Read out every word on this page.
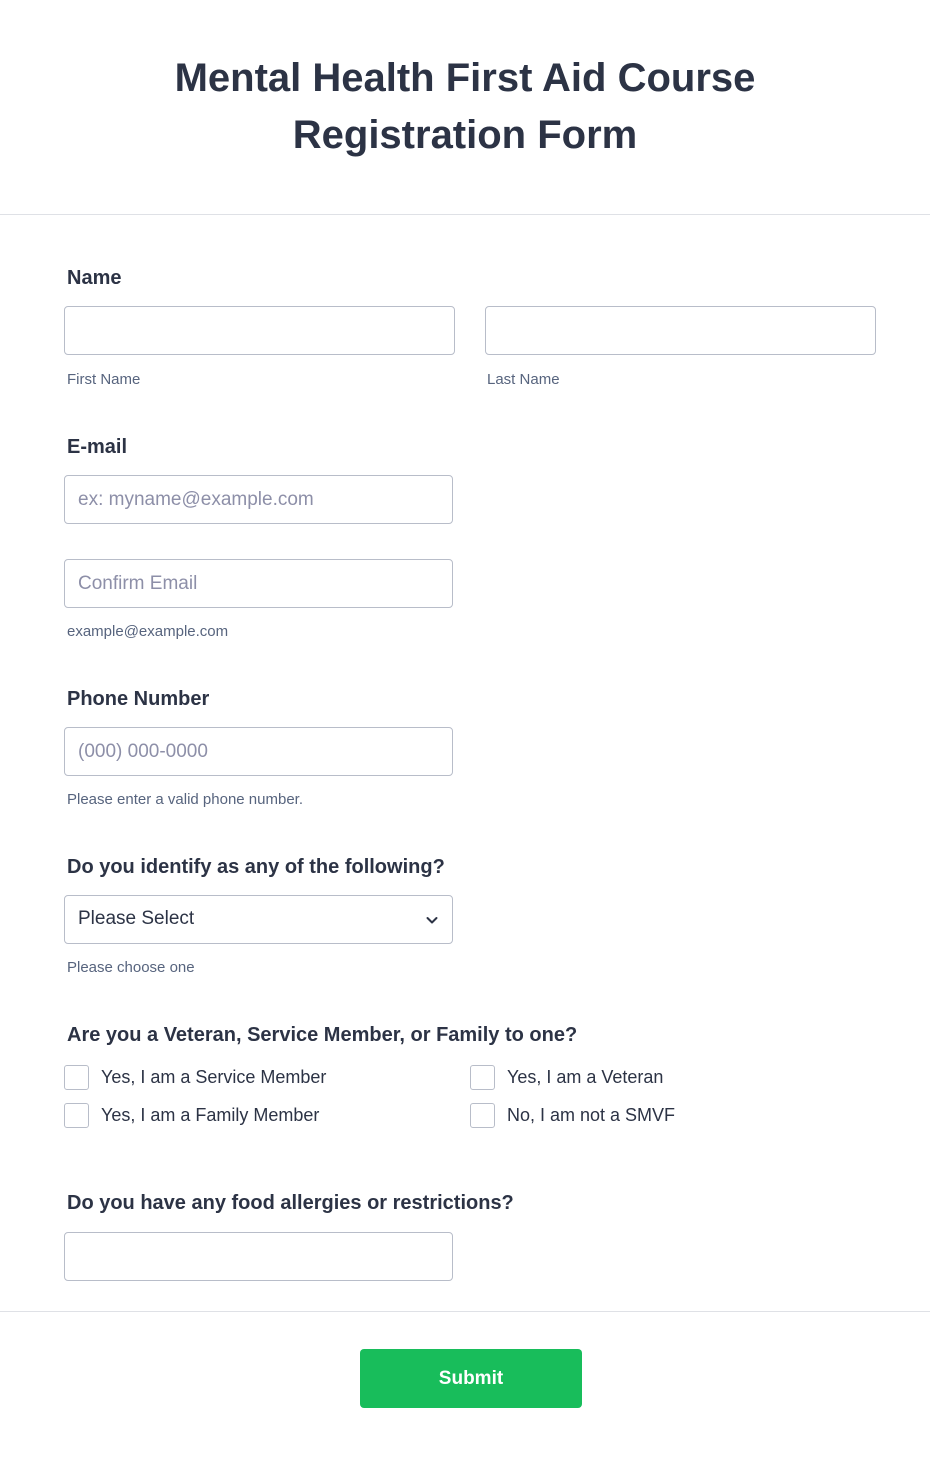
Mental Health First Aid Course
Registration Form
Name
First Name	Last Name
E-mail
ex: myname@example.com
Confirm Email
example@example.com
Phone Number
(000) 000-0000
Please enter a valid phone number.
Do you identify as any of the following?
Please Select
Please choose one
Are you a Veteran, Service Member, or Family to one?
Yes, I am a Service Member	Yes, I am a Veteran
Yes, I am a Family Member	No, I am not a SMVF
Do you have any food allergies or restrictions?
Submit
